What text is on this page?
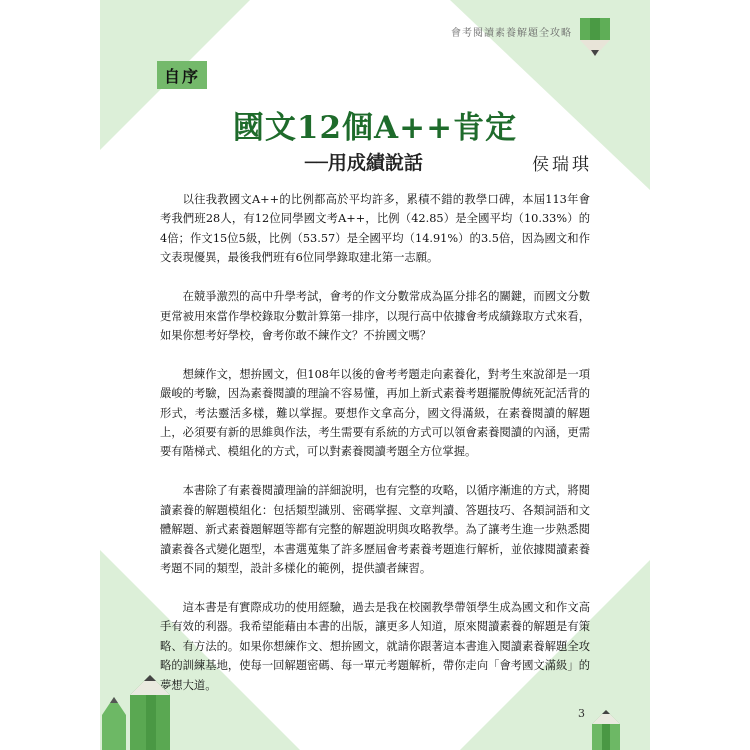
會考閱讀素養解題全攻略
自序
國文12個A++肯定
──用成績說話	侯瑞琪

以往我教國文A++的比例都高於平均許多，累積不錯的教學口碑，本屆113年會考我們班28人，有12位同學國文考A++，比例（42.85）是全國平均（10.33%）的4倍；作文15位5級，比例（53.57）是全國平均（14.91%）的3.5倍，因為國文和作文表現優異，最後我們班有6位同學錄取建北第一志願。

在競爭激烈的高中升學考試，會考的作文分數常成為區分排名的關鍵，而國文分數更常被用來當作學校錄取分數計算第一排序，以現行高中依據會考成績錄取方式來看，如果你想考好學校，會考你敢不練作文？不拚國文嗎？

想練作文，想拚國文，但108年以後的會考考題走向素養化，對考生來說卻是一項嚴峻的考驗，因為素養閱讀的理論不容易懂，再加上新式素養考題擺脫傳統死記活背的形式，考法靈活多樣，難以掌握。要想作文拿高分，國文得滿級，在素養閱讀的解題上，必須要有新的思維與作法，考生需要有系統的方式可以領會素養閱讀的內涵，更需要有階梯式、模組化的方式，可以對素養閱讀考題全方位掌握。

本書除了有素養閱讀理論的詳細說明，也有完整的攻略，以循序漸進的方式，將閱讀素養的解題模組化：包括類型識別、密碼掌握、文章判讀、答題技巧、各類詞語和文體解題、新式素養題解題等都有完整的解題說明與攻略教學。為了讓考生進一步熟悉閱讀素養各式變化題型，本書選蒐集了許多歷屆會考素養考題進行解析，並依據閱讀素養考題不同的類型，設計多樣化的範例，提供讀者練習。

這本書是有實際成功的使用經驗，過去是我在校園教學帶領學生成為國文和作文高手有效的利器。我希望能藉由本書的出版，讓更多人知道，原來閱讀素養的解題是有策略、有方法的。如果你想練作文、想拚國文，就請你跟著這本書進入閱讀素養解題全攻略的訓練基地，使每一回解題密碼、每一單元考題解析，帶你走向「會考國文滿級」的夢想大道。

3
